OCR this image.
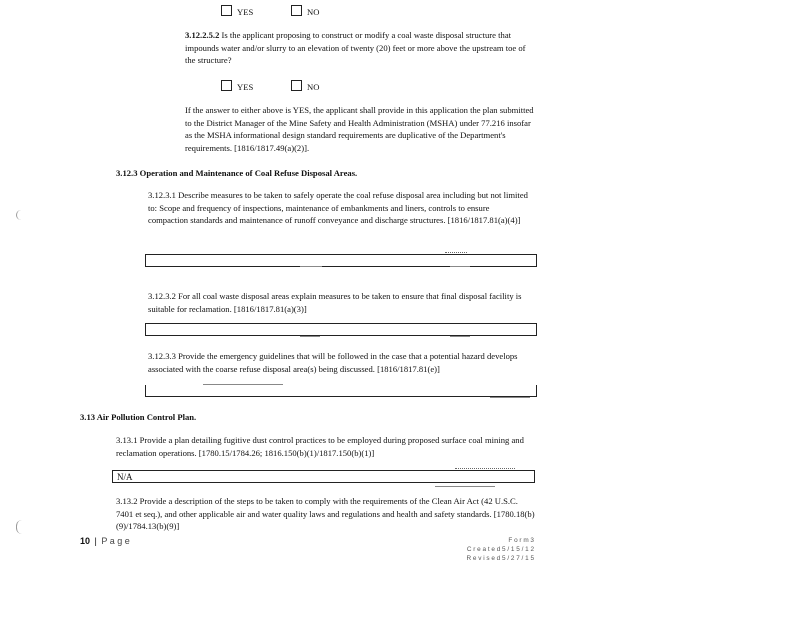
YES	NO
3.12.2.5.2 Is the applicant proposing to construct or modify a coal waste disposal structure that impounds water and/or slurry to an elevation of twenty (20) feet or more above the upstream toe of the structure?
YES	NO
If the answer to either above is YES, the applicant shall provide in this application the plan submitted to the District Manager of the Mine Safety and Health Administration (MSHA) under 77.216 insofar as the MSHA informational design standard requirements are duplicative of the Department's requirements. [1816/1817.49(a)(2)].
3.12.3 Operation and Maintenance of Coal Refuse Disposal Areas.
3.12.3.1 Describe measures to be taken to safely operate the coal refuse disposal area including but not limited to: Scope and frequency of inspections, maintenance of embankments and liners, controls to ensure compaction standards and maintenance of runoff conveyance and discharge structures. [1816/1817.81(a)(4)]
3.12.3.2 For all coal waste disposal areas explain measures to be taken to ensure that final disposal facility is suitable for reclamation. [1816/1817.81(a)(3)]
3.12.3.3 Provide the emergency guidelines that will be followed in the case that a potential hazard develops associated with the coarse refuse disposal area(s) being discussed. [1816/1817.81(e)]
3.13 Air Pollution Control Plan.
3.13.1 Provide a plan detailing fugitive dust control practices to be employed during proposed surface coal mining and reclamation operations. [1780.15/1784.26; 1816.150(b)(1)/1817.150(b)(1)]
N/A
3.13.2 Provide a description of the steps to be taken to comply with the requirements of the Clean Air Act (42 U.S.C. 7401 et seq.), and other applicable air and water quality laws and regulations and health and safety standards. [1780.18(b)(9)/1784.13(b)(9)]
10 | P a g e	F o r m 3
C r e a t e d 5 / 1 5 / 1 2
R e v i s e d 5 / 2 7 / 1 5
